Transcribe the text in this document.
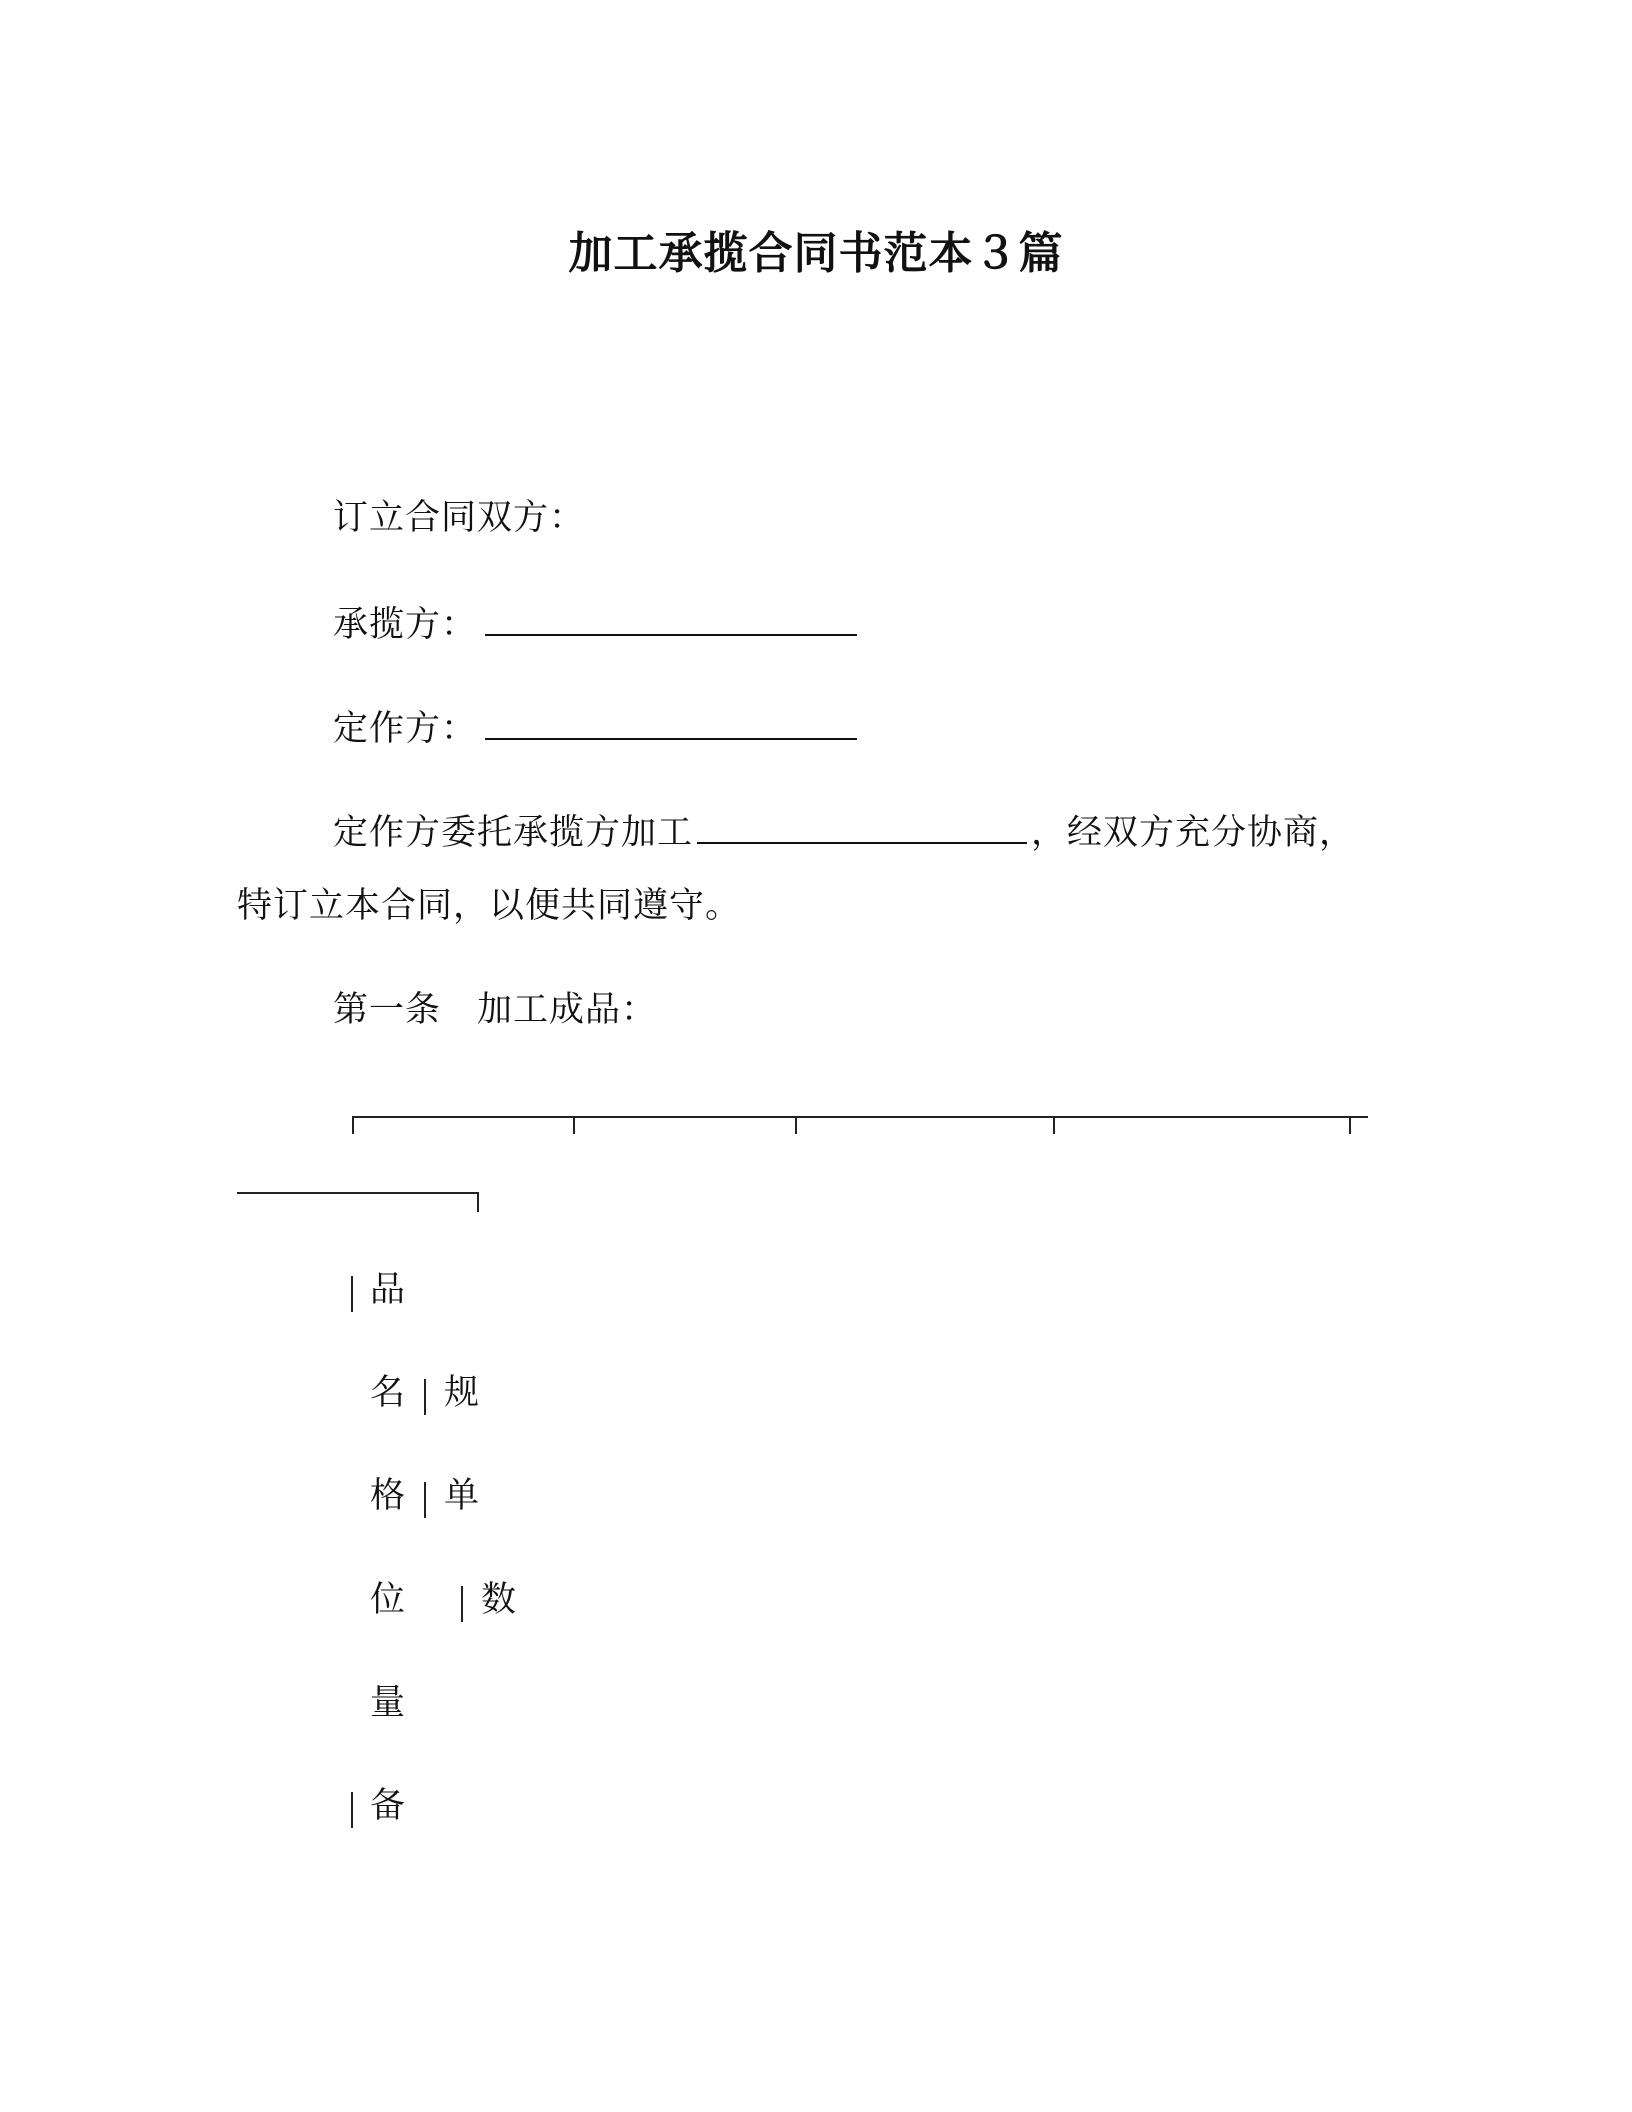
加工承揽合同书范本３篇
订立合同双方：
承揽方：
定作方：
定作方委托承揽方加工	，经双方充分协商，
特订立本合同，以便共同遵守。
第一条　加工成品：
品
名 规
格 单
位 数
量
备
